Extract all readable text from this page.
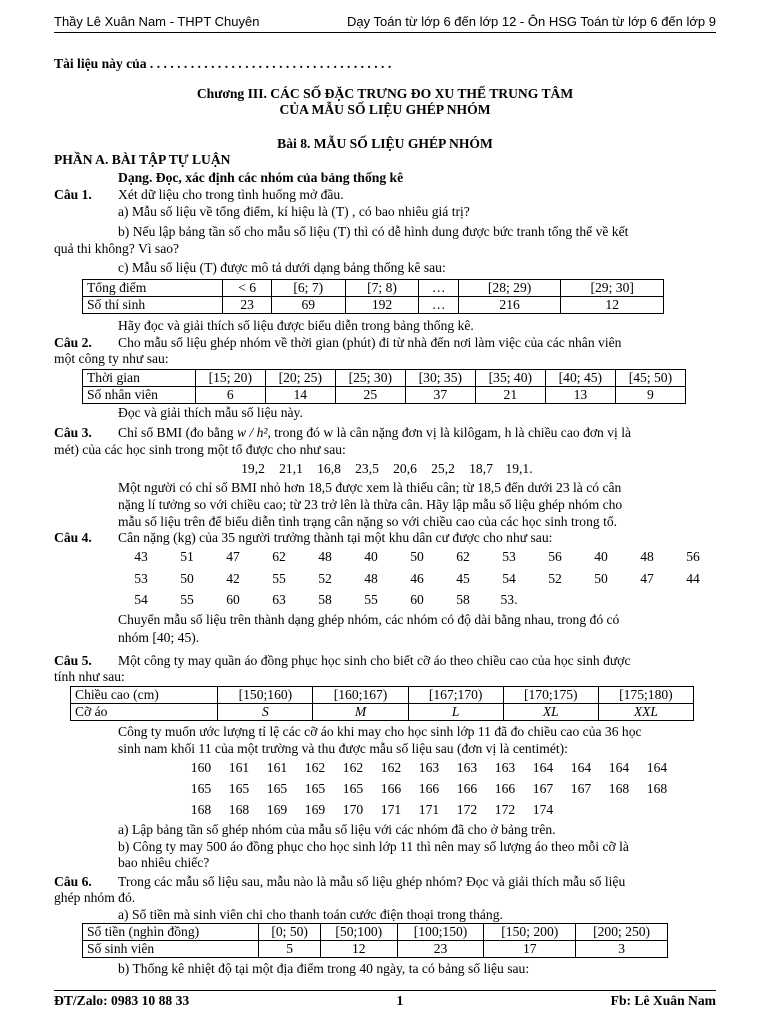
Thầy Lê Xuân Nam - THPT Chuyên	Dạy Toán từ lớp 6 đến lớp 12 - Ôn HSG Toán từ lớp 6 đến lớp 9
Tài liệu này của . . . . . . . . . . . . . . . . . . . . . . . . . . . . . . . . . . . .
Chương III. CÁC SỐ ĐẶC TRƯNG ĐO XU THẾ TRUNG TÂM
CỦA MẪU SỐ LIỆU GHÉP NHÓM
Bài 8. MẪU SỐ LIỆU GHÉP NHÓM
PHẦN A. BÀI TẬP TỰ LUẬN
Dạng. Đọc, xác định các nhóm của bảng thống kê
Câu 1. Xét dữ liệu cho trong tình huống mở đầu.
a) Mẫu số liệu về tổng điểm, kí hiệu là (T) , có bao nhiêu giá trị?
b) Nếu lập bảng tần số cho mẫu số liệu (T) thì có dễ hình dung được bức tranh tổng thể về kết
quả thi không? Vì sao?
c) Mẫu số liệu (T) được mô tả dưới dạng bảng thống kê sau:
Tổng điểm	< 6	[6; 7)	[7; 8)	…	[28; 29)	[29; 30]
Số thí sinh	23	69	192	…	216	12
Hãy đọc và giải thích số liệu được biểu diễn trong bảng thống kê.
Câu 2. Cho mẫu số liệu ghép nhóm về thời gian (phút) đi từ nhà đến nơi làm việc của các nhân viên
một công ty như sau:
Thời gian	[15; 20)	[20; 25)	[25; 30)	[30; 35)	[35; 40)	[40; 45)	[45; 50)
Số nhân viên	6	14	25	37	21	13	9
Đọc và giải thích mẫu số liệu này.
Câu 3. Chỉ số BMI (đo bằng w / h², trong đó w là cân nặng đơn vị là kilôgam, h là chiều cao đơn vị là
mét) của các học sinh trong một tổ được cho như sau:
19,2	21,1	16,8	23,5	20,6	25,2	18,7 19,1.
Một người có chỉ số BMI nhỏ hơn 18,5 được xem là thiếu cân; từ 18,5 đến dưới 23 là có cân
nặng lí tưởng so với chiều cao; từ 23 trở lên là thừa cân. Hãy lập mẫu số liệu ghép nhóm cho
mẫu số liệu trên để biểu diễn tình trạng cân nặng so với chiều cao của các học sinh trong tổ.
Câu 4. Cân nặng (kg) của 35 người trưởng thành tại một khu dân cư được cho như sau:
43	51	47	62	48	40	50	62	53	56	40	48	56
53	50	42	55	52	48	46	45	54	52	50	47	44
54	55	60	63	58	55	60	58	53.
Chuyển mẫu số liệu trên thành dạng ghép nhóm, các nhóm có độ dài bằng nhau, trong đó có
nhóm [40; 45).
Câu 5. Một công ty may quần áo đồng phục học sinh cho biết cỡ áo theo chiều cao của học sinh được
tính như sau:
Chiều cao (cm)	[150;160)	[160;167)	[167;170)	[170;175)	[175;180)
Cỡ áo	S	M	L	XL	XXL
Công ty muốn ước lượng tỉ lệ các cỡ áo khi may cho học sinh lớp 11 đã đo chiều cao của 36 học
sinh nam khối 11 của một trường và thu được mẫu số liệu sau (đơn vị là centimét):
160	161	161	162	162	162	163	163	163	164	164	164	164
165	165	165	165	165	166	166	166	166	167	167	168	168
168	168	169	169	170	171	171	172	172	174
a) Lập bảng tần số ghép nhóm của mẫu số liệu với các nhóm đã cho ở bảng trên.
b) Công ty may 500 áo đồng phục cho học sinh lớp 11 thì nên may số lượng áo theo mỗi cỡ là
bao nhiêu chiếc?
Câu 6. Trong các mẫu số liệu sau, mẫu nào là mẫu số liệu ghép nhóm? Đọc và giải thích mẫu số liệu
ghép nhóm đó.
a) Số tiền mà sinh viên chi cho thanh toán cước điện thoại trong tháng.
Số tiền (nghìn đồng)	[0; 50)	[50;100)	[100;150)	[150; 200)	[200; 250)
Số sinh viên	5	12	23	17	3
b) Thống kê nhiệt độ tại một địa điểm trong 40 ngày, ta có bảng số liệu sau:
ĐT/Zalo: 0983 10 88 33	1	Fb: Lê Xuân Nam
